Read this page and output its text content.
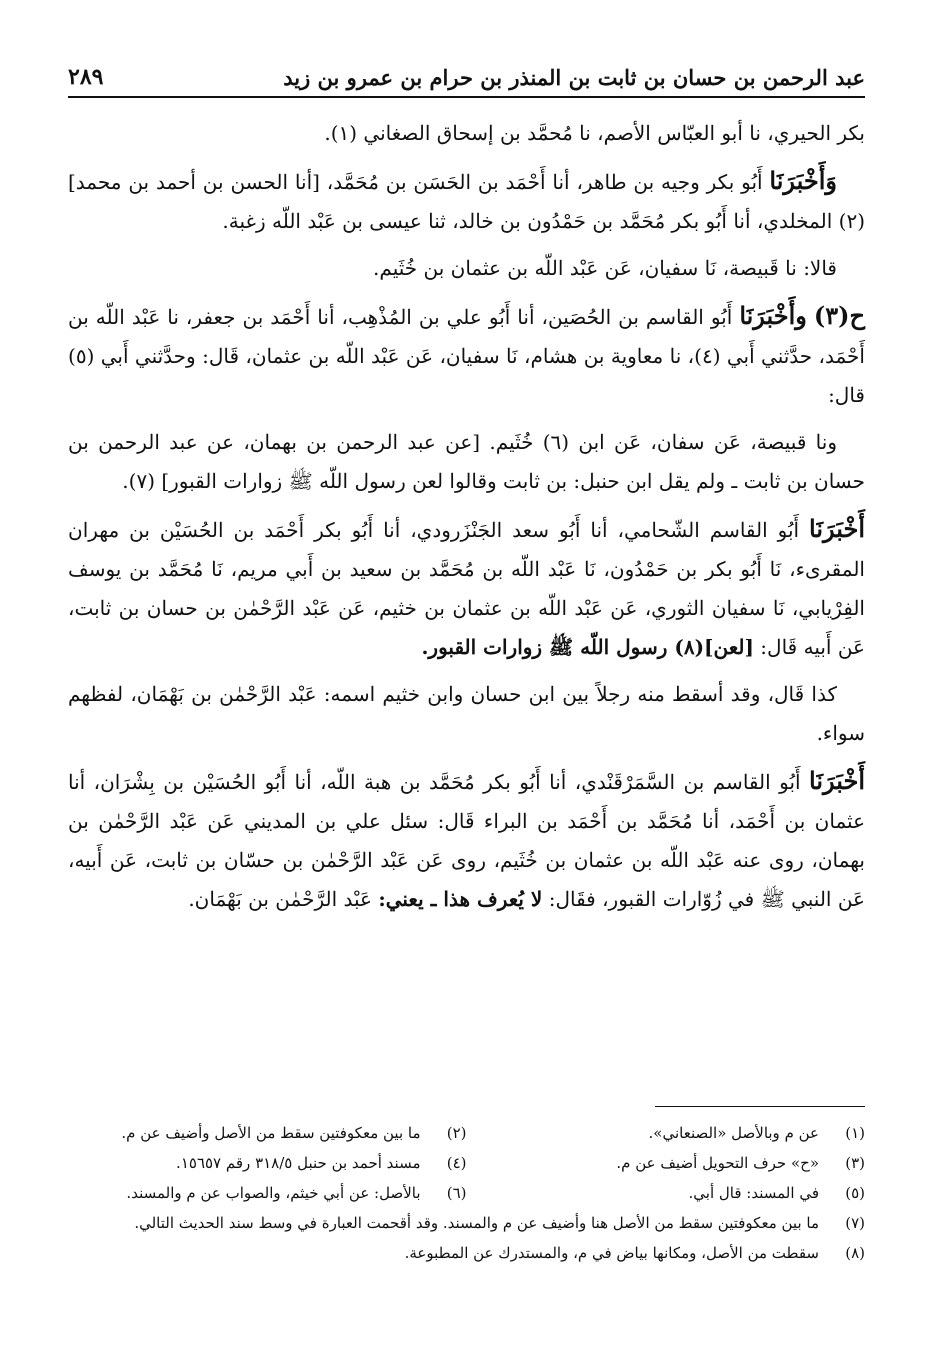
عبد الرحمن بن حسان بن ثابت بن المنذر بن حرام بن عمرو بن زيد
٢٨٩

بكر الحيري، نا أبو العبّاس الأصم، نا مُحمَّد بن إسحاق الصغاني (١).

وَأَخْبَرَنَا أَبُو بكر وجيه بن طاهر، أنا أَحْمَد بن الحَسَن بن مُحَمَّد، [أنا الحسن بن أحمد بن محمد](٢) المخلدي، أنا أَبُو بكر مُحَمَّد بن حَمْدُون بن خالد، ثنا عيسى بن عَبْد اللّه زغبة.

قالا: نا قَبيصة، نَا سفيان، عَن عَبْد اللّه بن عثمان بن خُثَيم.

ح(٣) وأَخْبَرَنَا أَبُو القاسم بن الحُصَين، أنا أَبُو علي بن المُذْهِب، أنا أَحْمَد بن جعفر، نا عَبْد اللّه بن أَحْمَد، حدَّثني أَبي (٤)، نا معاوية بن هشام، نَا سفيان، عَن عَبْد اللّه بن عثمان، قَال: وحدَّثني أَبي (٥) قال:

ونا قبيصة، عَن سفان، عَن ابن (٦) خُثَيم. [عن عبد الرحمن بن بهمان، عن عبد الرحمن بن حسان بن ثابت ـ ولم يقل ابن حنبل: بن ثابت وقالوا لعن رسول اللّه ﷺ زوارات القبور] (٧).

أَخْبَرَنَا أَبُو القاسم الشّحامي، أنا أَبُو سعد الجَنْزَرودي، أنا أَبُو بكر أَحْمَد بن الحُسَيْن بن مهران المقرىء، نَا أَبُو بكر بن حَمْدُون، نَا عَبْد اللّه بن مُحَمَّد بن سعيد بن أَبي مريم، نَا مُحَمَّد بن يوسف الفِرْيابي، نَا سفيان الثوري، عَن عَبْد اللّه بن عثمان بن خثيم، عَن عَبْد الرَّحْمٰن بن حسان بن ثابت، عَن أَبيه قَال: [لعن](٨) رسول اللّه ﷺ زوارات القبور.

كذا قَال، وقد أسقط منه رجلاً بين ابن حسان وابن خثيم اسمه: عَبْد الرَّحْمٰن بن بَهْمَان، لفظهم سواء.

أَخْبَرَنَا أَبُو القاسم بن السَّمَرْقَنْدي، أنا أَبُو بكر مُحَمَّد بن هبة اللّه، أنا أَبُو الحُسَيْن بن بِشْرَان، أنا عثمان بن أَحْمَد، أنا مُحَمَّد بن أَحْمَد بن البراء قَال: سئل علي بن المديني عَن عَبْد الرَّحْمٰن بن بهمان، روى عنه عَبْد اللّه بن عثمان بن خُثَيم، روى عَن عَبْد الرَّحْمٰن بن حسّان بن ثابت، عَن أَبيه، عَن النبي ﷺ في زُوّارات القبور، فقَال: لا يُعرف هذا ـ يعني: عَبْد الرَّحْمٰن بن بَهْمَان.

(١)
عن م وبالأصل «الصنعاني».
(٢)
ما بين معكوفتين سقط من الأصل وأضيف عن م.
(٣)
«ح» حرف التحويل أضيف عن م.
(٤)
مسند أحمد بن حنبل ٣١٨/٥ رقم ١٥٦٥٧.
(٥)
في المسند: قال أبي.
(٦)
بالأصل: عن أبي خيثم، والصواب عن م والمسند.
(٧)
ما بين معكوفتين سقط من الأصل هنا وأضيف عن م والمسند. وقد أقحمت العبارة في وسط سند الحديث التالي.
(٨)
سقطت من الأصل، ومكانها بياض في م، والمستدرك عن المطبوعة.
